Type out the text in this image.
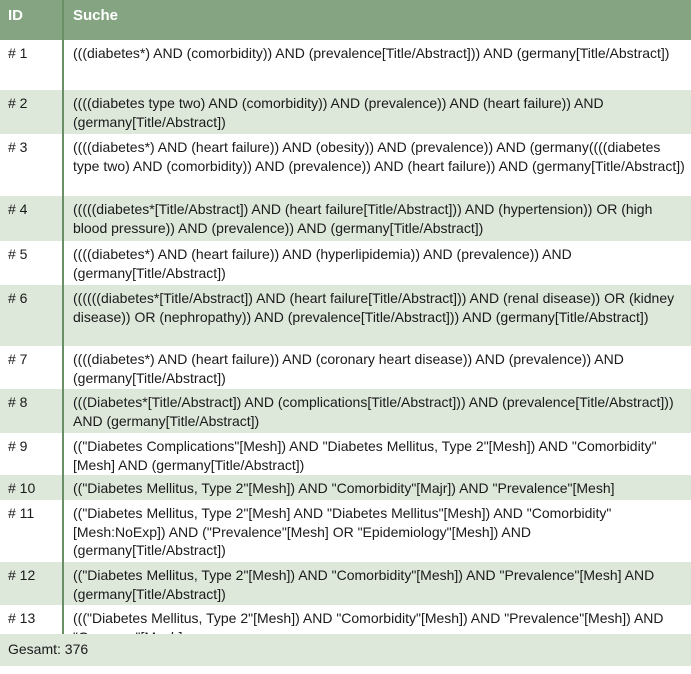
ID	Suche
# 1	(((diabetes*) AND (comorbidity)) AND (prevalence[Title/Abstract])) AND (germany[Title/Abstract])
# 2	((((diabetes type two) AND (comorbidity)) AND (prevalence)) AND (heart failure)) AND (germany[Title/Abstract])
# 3	((((diabetes*) AND (heart failure)) AND (obesity)) AND (prevalence)) AND (germany((((diabetes type two) AND (comorbidity)) AND (prevalence)) AND (heart failure)) AND (germany[Title/Abstract])
# 4	(((((diabetes*[Title/Abstract]) AND (heart failure[Title/Abstract])) AND (hypertension)) OR (high blood pressure)) AND (prevalence)) AND (germany[Title/Abstract])
# 5	((((diabetes*) AND (heart failure)) AND (hyperlipidemia)) AND (prevalence)) AND (germany[Title/Abstract])
# 6	((((((diabetes*[Title/Abstract]) AND (heart failure[Title/Abstract])) AND (renal disease)) OR (kidney disease)) OR (nephropathy)) AND (prevalence[Title/Abstract])) AND (germany[Title/Abstract])
# 7	((((diabetes*) AND (heart failure)) AND (coronary heart disease)) AND (prevalence)) AND (germany[Title/Abstract])
# 8	(((Diabetes*[Title/Abstract]) AND (complications[Title/Abstract])) AND (prevalence[Title/Abstract])) AND (germany[Title/Abstract])
# 9	(("Diabetes Complications"[Mesh]) AND "Diabetes Mellitus, Type 2"[Mesh]) AND "Comorbidity"[Mesh] AND (germany[Title/Abstract])
# 10	(("Diabetes Mellitus, Type 2"[Mesh]) AND "Comorbidity"[Majr]) AND "Prevalence"[Mesh]
# 11	(("Diabetes Mellitus, Type 2"[Mesh] AND "Diabetes Mellitus"[Mesh]) AND "Comorbidity"[Mesh:NoExp]) AND ("Prevalence"[Mesh] OR "Epidemiology"[Mesh]) AND (germany[Title/Abstract])
# 12	(("Diabetes Mellitus, Type 2"[Mesh]) AND "Comorbidity"[Mesh]) AND "Prevalence"[Mesh] AND (germany[Title/Abstract])
# 13	((("Diabetes Mellitus, Type 2"[Mesh]) AND "Comorbidity"[Mesh]) AND "Prevalence"[Mesh]) AND
Gesamt: 376
